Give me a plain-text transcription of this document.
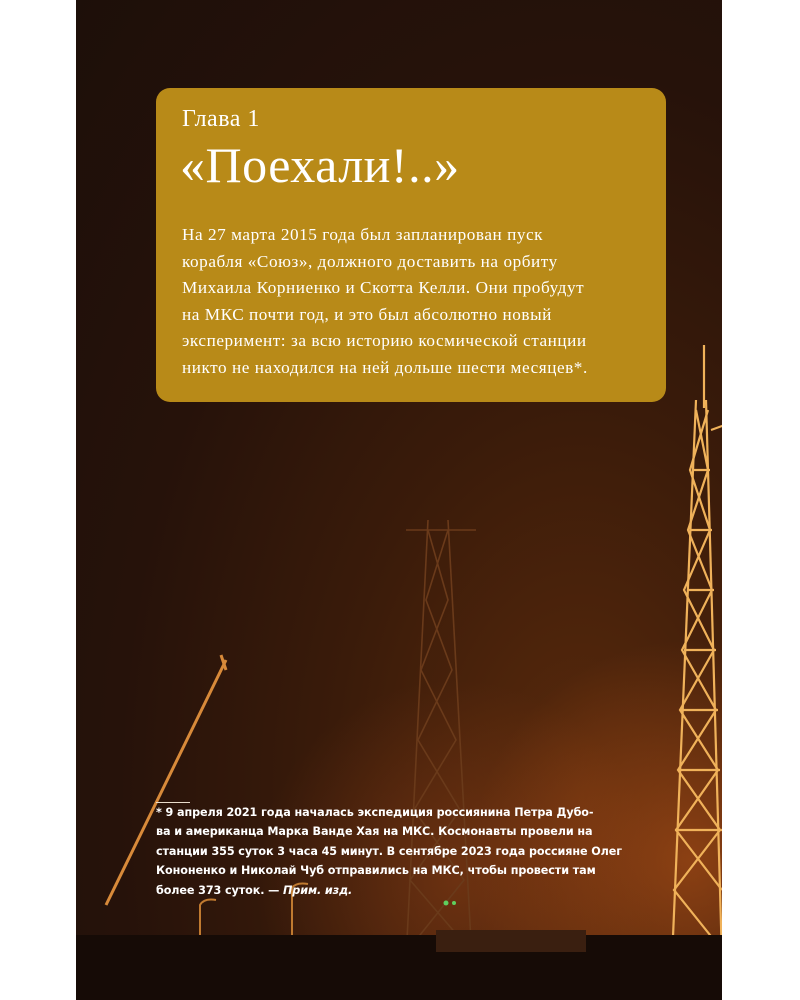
Глава 1
«Поехали!..»

На 27 марта 2015 года был запланирован пуск
корабля «Союз», должного доставить на орбиту
Михаила Корниенко и Скотта Келли. Они пробудут
на МКС почти год, и это был абсолютно новый
эксперимент: за всю историю космической станции
никто не находился на ней дольше шести месяцев*.

* 9 апреля 2021 года началась экспедиция россиянина Петра Дубо-
ва и американца Марка Ванде Хая на МКС. Космонавты провели на
станции 355 суток 3 часа 45 минут. В сентябре 2023 года россияне Олег
Кононенко и Николай Чуб отправились на МКС, чтобы провести там
более 373 суток. — Прим. изд.
